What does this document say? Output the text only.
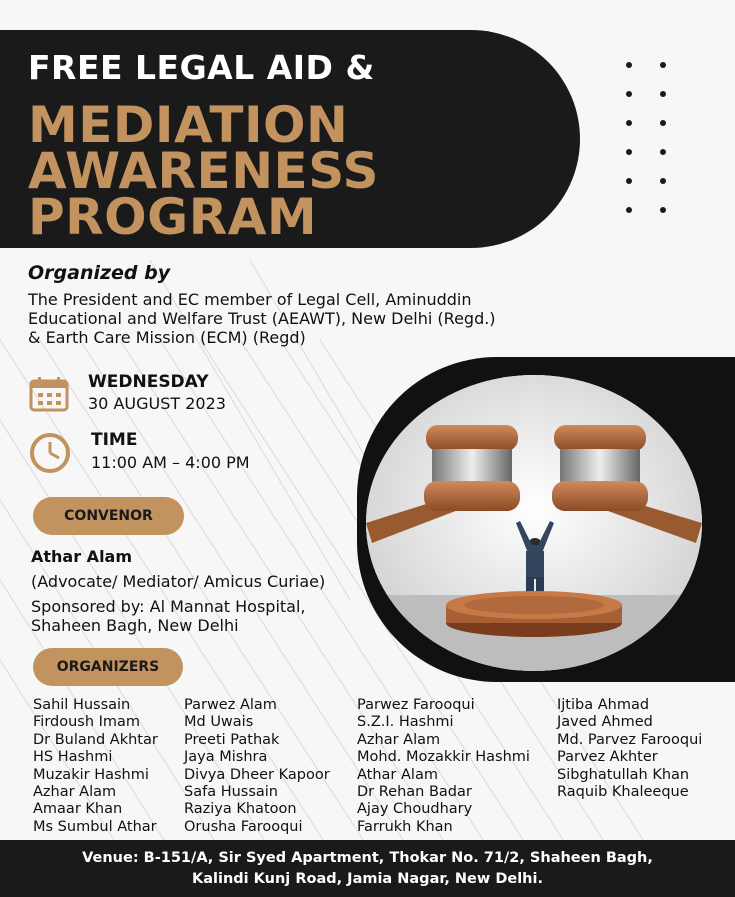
FREE LEGAL AID &
MEDIATION
AWARENESS
PROGRAM
Organized by
The President and EC member of Legal Cell, Aminuddin
Educational and Welfare Trust (AEAWT), New Delhi (Regd.)
& Earth Care Mission (ECM) (Regd)
WEDNESDAY
30 AUGUST 2023
TIME
11:00 AM – 4:00 PM
CONVENOR
Athar Alam
(Advocate/ Mediator/ Amicus Curiae)
Sponsored by: Al Mannat Hospital,
Shaheen Bagh, New Delhi
ORGANIZERS
Sahil Hussain
Firdoush Imam
Dr Buland Akhtar
HS Hashmi
Muzakir Hashmi
Azhar Alam
Amaar Khan
Ms Sumbul Athar
Parwez Alam
Md Uwais
Preeti Pathak
Jaya Mishra
Divya Dheer Kapoor
Safa Hussain
Raziya Khatoon
Orusha Farooqui
Parwez Farooqui
S.Z.I. Hashmi
Azhar Alam
Mohd. Mozakkir Hashmi
Athar Alam
Dr Rehan Badar
Ajay Choudhary
Farrukh Khan
Ijtiba Ahmad
Javed Ahmed
Md. Parvez Farooqui
Parvez Akhter
Sibghatullah Khan
Raquib Khaleeque
Venue: B-151/A, Sir Syed Apartment, Thokar No. 71/2, Shaheen Bagh,
Kalindi Kunj Road, Jamia Nagar, New Delhi.
